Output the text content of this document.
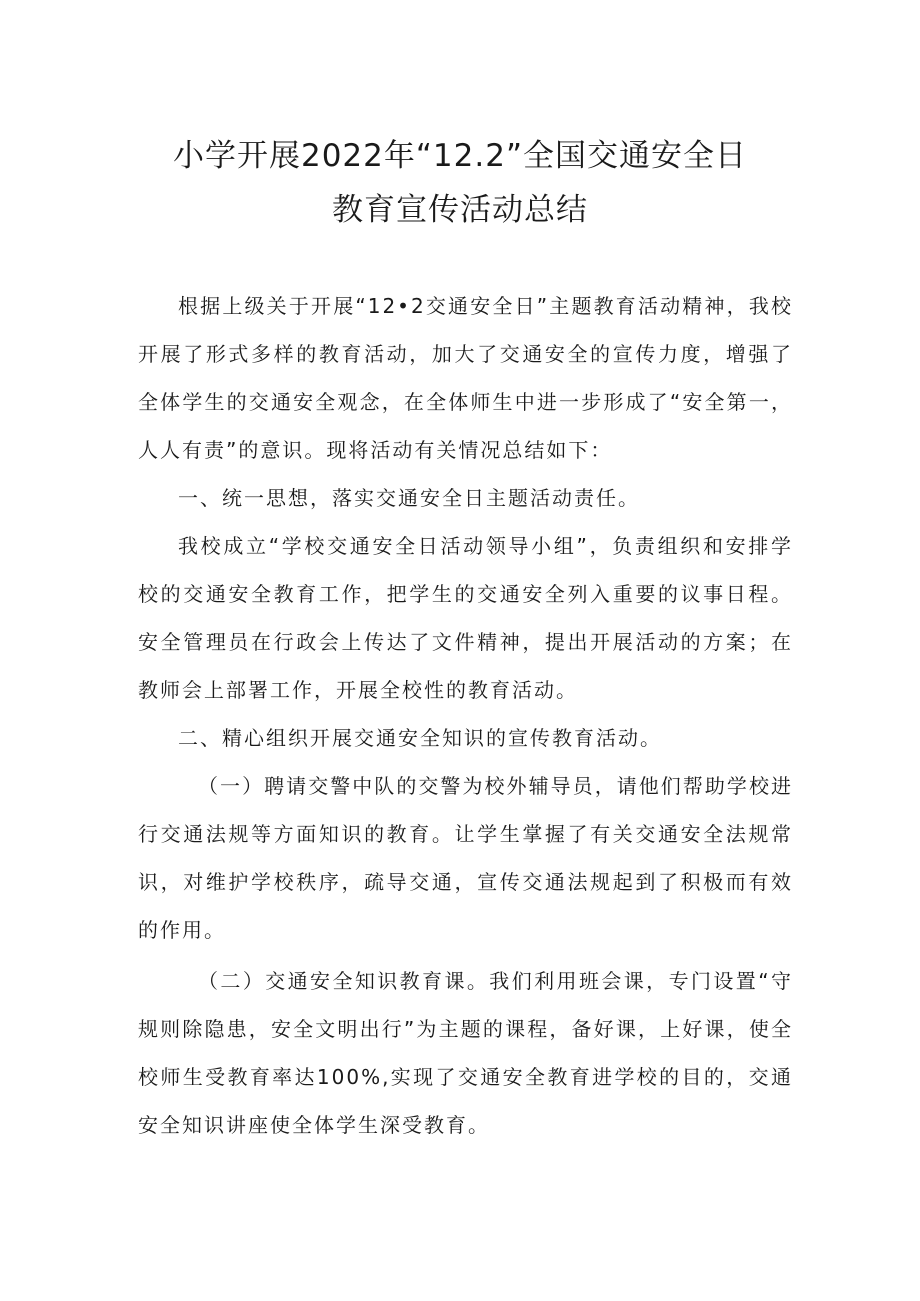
小学开展2022年“12.2”全国交通安全日
教育宣传活动总结

根据上级关于开展“12•2交通安全日”主题教育活动精神，我校开展了形式多样的教育活动，加大了交通安全的宣传力度，增强了全体学生的交通安全观念，在全体师生中进一步形成了“安全第一，人人有责”的意识。现将活动有关情况总结如下：

一、统一思想，落实交通安全日主题活动责任。

我校成立“学校交通安全日活动领导小组”，负责组织和安排学校的交通安全教育工作，把学生的交通安全列入重要的议事日程。安全管理员在行政会上传达了文件精神，提出开展活动的方案；在教师会上部署工作，开展全校性的教育活动。

二、精心组织开展交通安全知识的宣传教育活动。

（一）聘请交警中队的交警为校外辅导员，请他们帮助学校进行交通法规等方面知识的教育。让学生掌握了有关交通安全法规常识，对维护学校秩序，疏导交通，宣传交通法规起到了积极而有效的作用。

（二）交通安全知识教育课。我们利用班会课，专门设置“守规则除隐患，安全文明出行”为主题的课程，备好课，上好课，使全校师生受教育率达100%,实现了交通安全教育进学校的目的，交通安全知识讲座使全体学生深受教育。
